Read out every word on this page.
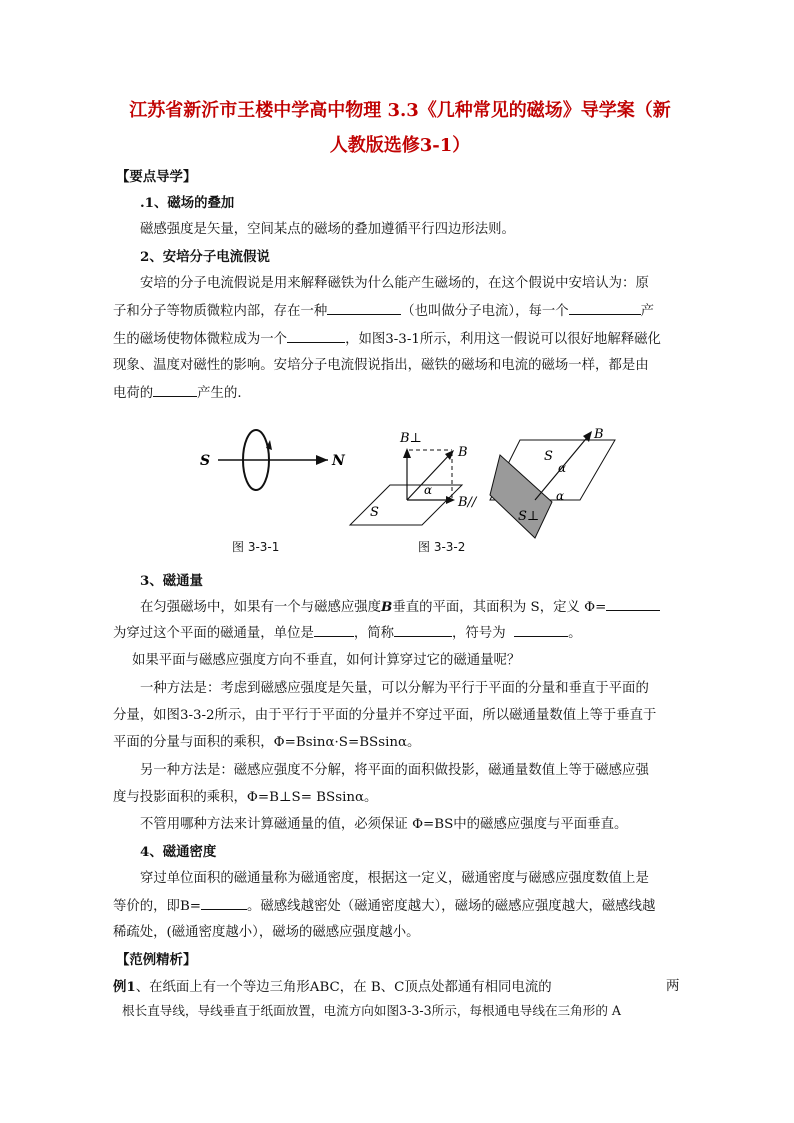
江苏省新沂市王楼中学高中物理 3.3《几种常见的磁场》导学案（新
人教版选修3-1）
【要点导学】
.1、磁场的叠加
磁感强度是矢量，空间某点的磁场的叠加遵循平行四边形法则。
2、安培分子电流假说
安培的分子电流假说是用来解释磁铁为什么能产生磁场的，在这个假说中安培认为：原
子和分子等物质微粒内部，存在一种	（也叫做分子电流），每一个	产
生的磁场使物体微粒成为一个	，如图3-3-1所示，利用这一假说可以很好地解释磁化
现象、温度对磁性的影响。安培分子电流假说指出，磁铁的磁场和电流的磁场一样，都是由
电荷的	产生的．
S	N
B⊥
B
B//
α
S
B
S
α
α
S⊥
图 3-3-1	图 3-3-2
3、磁通量
在匀强磁场中，如果有一个与磁感应强度B垂直的平面，其面积为 S，定义 Φ=
为穿过这个平面的磁通量，单位是	，简称	，符号为	。
如果平面与磁感应强度方向不垂直，如何计算穿过它的磁通量呢？
一种方法是：考虑到磁感应强度是矢量，可以分解为平行于平面的分量和垂直于平面的
分量，如图3-3-2所示，由于平行于平面的分量并不穿过平面，所以磁通量数值上等于垂直于
平面的分量与面积的乘积，Φ=Bsinα·S=BSsinα。
另一种方法是：磁感应强度不分解，将平面的面积做投影，磁通量数值上等于磁感应强
度与投影面积的乘积，Φ=B⊥S= BSsinα。
不管用哪种方法来计算磁通量的值，必须保证 Φ=BS中的磁感应强度与平面垂直。
4、磁通密度
穿过单位面积的磁通量称为磁通密度，根据这一定义，磁通密度与磁感应强度数值上是
等价的，即B=	。磁感线越密处（磁通密度越大），磁场的磁感应强度越大，磁感线越
稀疏处，(磁通密度越小），磁场的磁感应强度越小。
【范例精析】
例1、在纸面上有一个等边三角形ABC，在 B、C顶点处都通有相同电流的	两
根长直导线，导线垂直于纸面放置，电流方向如图3-3-3所示，每根通电导线在三角形的 A
